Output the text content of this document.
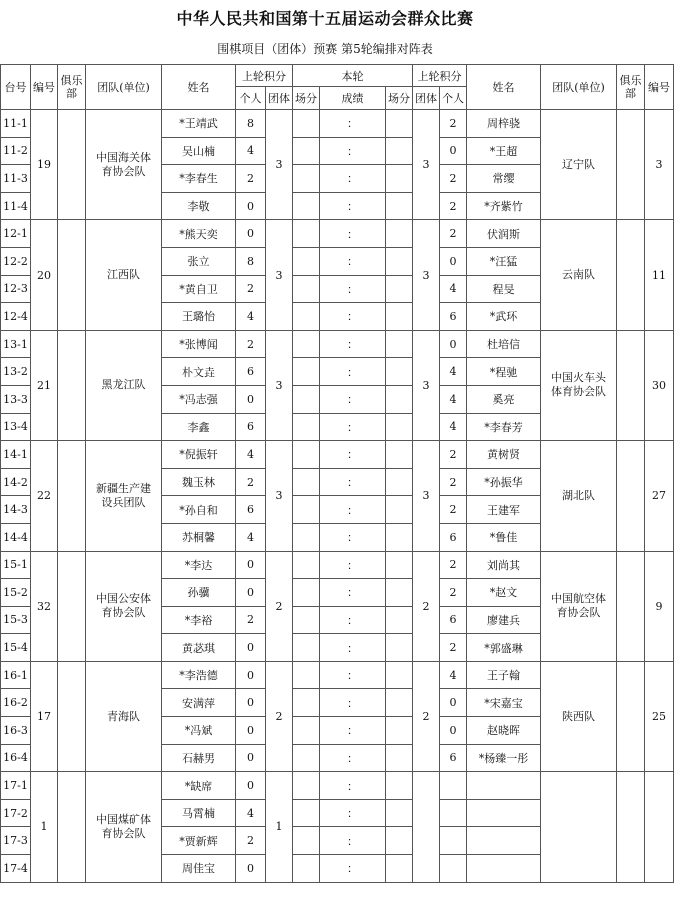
中华人民共和国第十五届运动会群众比赛
围棋项目（团体）预赛 第5轮编排对阵表
台号	编号	俱乐部	团队(单位)	姓名	上轮积分		本轮			上轮积分		姓名	团队(单位)	俱乐部	编号
					个人	团体	场分	成绩	场分	团体	个人				
11-1	19		中国海关体育协会队	*王靖武	8	3		：		3	2	周梓骁	辽宁队		3
11-2				吴山楠	4			：			0	*王超			
11-3				*李春生	2			：			2	常缨			
11-4				李敬	0			：			2	*齐紫竹			
12-1	20		江西队	*熊天奕	0	3		：		3	2	伏润斯	云南队		11
12-2				张立	8			：			0	*汪猛			
12-3				*黄自卫	2			：			4	程旻			
12-4				王璐怡	4			：			6	*武环			
13-1	21		黑龙江队	*张博闻	2	3		：		3	0	杜培信	中国火车头体育协会队		30
13-2				朴文垚	6			：			4	*程驰			
13-3				*冯志强	0			：			4	奚亮			
13-4				李鑫	6			：			4	*李春芳			
14-1	22		新疆生产建设兵团队	*倪振轩	4	3		：		3	2	黄树贤	湖北队		27
14-2				魏玉林	2			：			2	*孙振华			
14-3				*孙自和	6			：			2	王建军			
14-4				苏桐馨	4			：			6	*鲁佳			
15-1	32		中国公安体育协会队	*李达	0	2		：		2	2	刘尚其	中国航空体育协会队		9
15-2				孙骥	0			：			2	*赵文			
15-3				*李裕	2			：			6	廖建兵			
15-4				黄苾琪	0			：			2	*郭盛琳			
16-1	17		青海队	*李浩德	0	2		：		2	4	王子翰	陕西队		25
16-2				安满萍	0			：			0	*宋嘉宝			
16-3				*冯斌	0			：			0	赵晓晖			
16-4				石赫男	0			：			6	*杨臻一彤			
17-1	1		中国煤矿体育协会队	*缺席	0	1		：							
17-2				马霄楠	4			：							
17-3				*贾新辉	2			：							
17-4				周佳宝	0			：							
